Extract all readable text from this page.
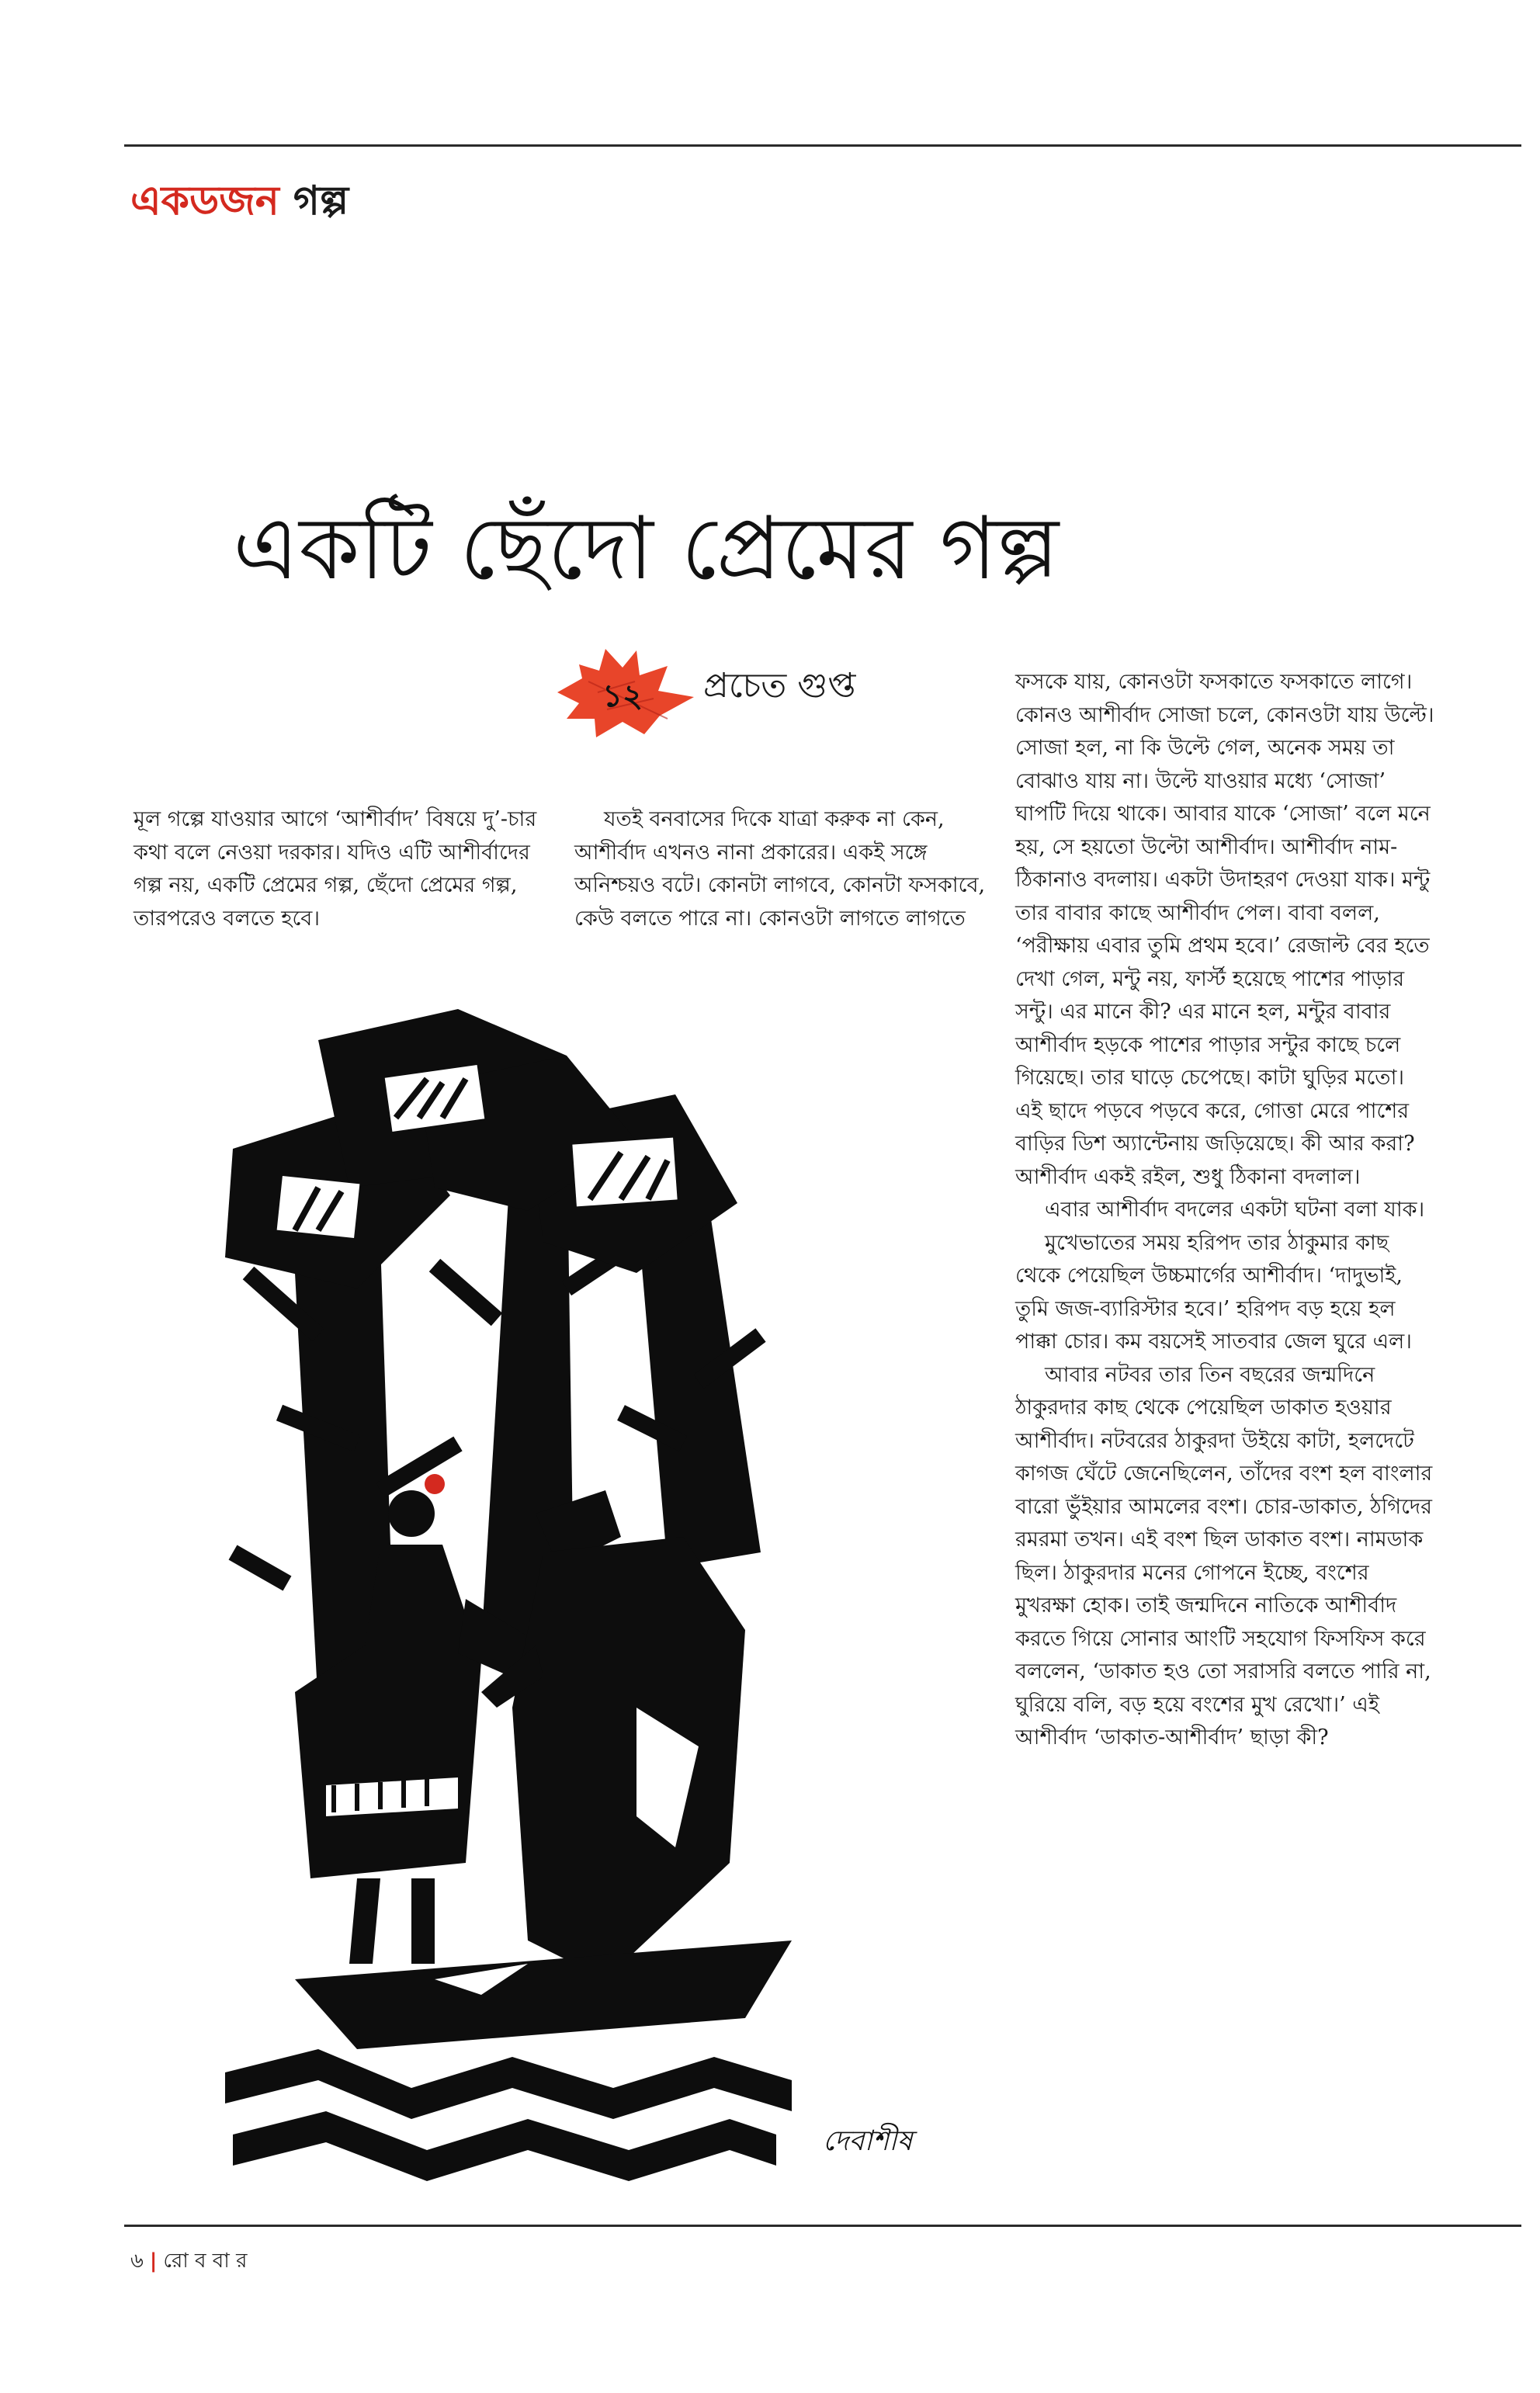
একডজন গল্প
একটি ছেঁদো প্রেমের গল্প
১২ প্রচেত গুপ্ত

মূল গল্পে যাওয়ার আগে ‘আশীর্বাদ’ বিষয়ে দু’-চার কথা বলে নেওয়া দরকার। যদিও এটি আশীর্বাদের গল্প নয়, একটি প্রেমের গল্প, ছেঁদো প্রেমের গল্প, তারপরেও বলতে হবে।

যতই বনবাসের দিকে যাত্রা করুক না কেন, আশীর্বাদ এখনও নানা প্রকারের। একই সঙ্গে অনিশ্চয়ও বটে। কোনটা লাগবে, কোনটা ফসকাবে, কেউ বলতে পারে না। কোনওটা লাগতে লাগতে

ফসকে যায়, কোনওটা ফসকাতে ফসকাতে লাগে। কোনও আশীর্বাদ সোজা চলে, কোনওটা যায় উল্টে। সোজা হল, না কি উল্টে গেল, অনেক সময় তা বোঝাও যায় না। উল্টে যাওয়ার মধ্যে ‘সোজা’ ঘাপটি দিয়ে থাকে। আবার যাকে ‘সোজা’ বলে মনে হয়, সে হয়তো উল্টো আশীর্বাদ। আশীর্বাদ নাম-ঠিকানাও বদলায়। একটা উদাহরণ দেওয়া যাক। মন্টু তার বাবার কাছে আশীর্বাদ পেল। বাবা বলল, ‘পরীক্ষায় এবার তুমি প্রথম হবে।’ রেজাল্ট বের হতে দেখা গেল, মন্টু নয়, ফার্স্ট হয়েছে পাশের পাড়ার সন্টু। এর মানে কী? এর মানে হল, মন্টুর বাবার আশীর্বাদ হড়কে পাশের পাড়ার সন্টুর কাছে চলে গিয়েছে। তার ঘাড়ে চেপেছে। কাটা ঘুড়ির মতো। এই ছাদে পড়বে পড়বে করে, গোত্তা মেরে পাশের বাড়ির ডিশ অ্যান্টেনায় জড়িয়েছে। কী আর করা? আশীর্বাদ একই রইল, শুধু ঠিকানা বদলাল।

এবার আশীর্বাদ বদলের একটা ঘটনা বলা যাক।

মুখেভাতের সময় হরিপদ তার ঠাকুমার কাছ থেকে পেয়েছিল উচ্চমার্গের আশীর্বাদ। ‘দাদুভাই, তুমি জজ-ব্যারিস্টার হবে।’ হরিপদ বড় হয়ে হল পাক্কা চোর। কম বয়সেই সাতবার জেল ঘুরে এল।

আবার নটবর তার তিন বছরের জন্মদিনে ঠাকুরদার কাছ থেকে পেয়েছিল ডাকাত হওয়ার আশীর্বাদ। নটবরের ঠাকুরদা উইয়ে কাটা, হলদেটে কাগজ ঘেঁটে জেনেছিলেন, তাঁদের বংশ হল বাংলার বারো ভুঁইয়ার আমলের বংশ। চোর-ডাকাত, ঠগিদের রমরমা তখন। এই বংশ ছিল ডাকাত বংশ। নামডাক ছিল। ঠাকুরদার মনের গোপনে ইচ্ছে, বংশের মুখরক্ষা হোক। তাই জন্মদিনে নাতিকে আশীর্বাদ করতে গিয়ে সোনার আংটি সহযোগ ফিসফিস করে বললেন, ‘ডাকাত হও তো সরাসরি বলতে পারি না, ঘুরিয়ে বলি, বড় হয়ে বংশের মুখ রেখো।’ এই আশীর্বাদ ‘ডাকাত-আশীর্বাদ’ ছাড়া কী?

দেবাশীষ
৬ | রো ব বা র
